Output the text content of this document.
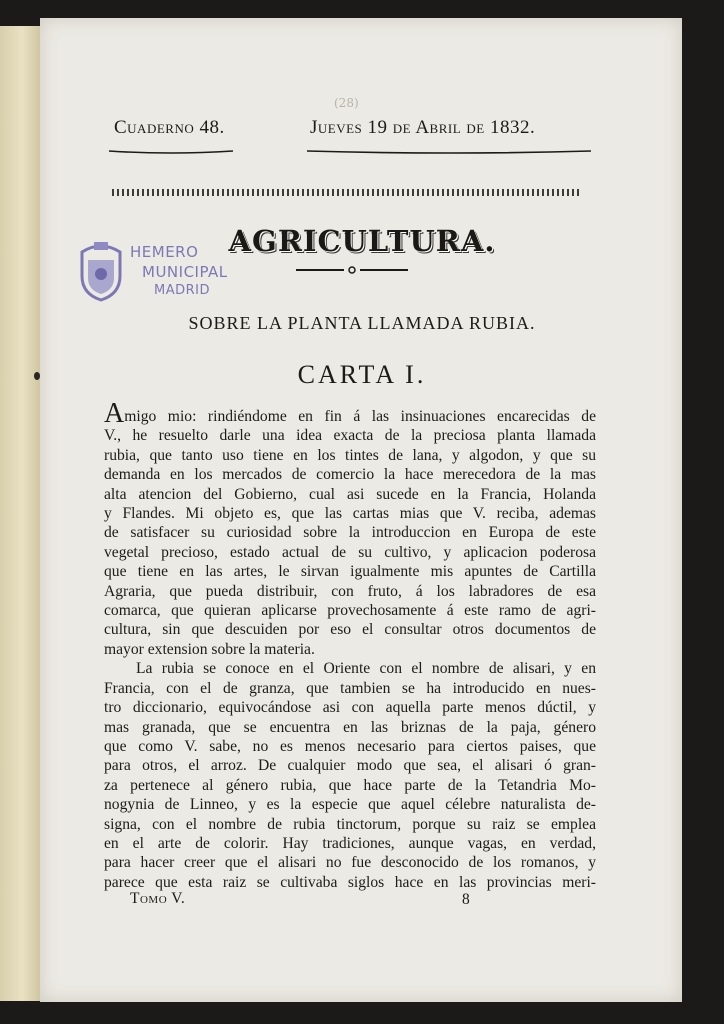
(28)
Cuaderno 48.	Jueves 19 de Abril de 1832.
HEMERO
MUNICIPAL
MADRID
AGRICULTURA.
SOBRE LA PLANTA LLAMADA RUBIA.
CARTA I.
Amigo mio: rindiéndome en fin á las insinuaciones encarecidas de
V., he resuelto darle una idea exacta de la preciosa planta llamada
rubia, que tanto uso tiene en los tintes de lana, y algodon, y que su
demanda en los mercados de comercio la hace merecedora de la mas
alta atencion del Gobierno, cual asi sucede en la Francia, Holanda
y Flandes. Mi objeto es, que las cartas mias que V. reciba, ademas
de satisfacer su curiosidad sobre la introduccion en Europa de este
vegetal precioso, estado actual de su cultivo, y aplicacion poderosa
que tiene en las artes, le sirvan igualmente mis apuntes de Cartilla
Agraria, que pueda distribuir, con fruto, á los labradores de esa
comarca, que quieran aplicarse provechosamente á este ramo de agri-
cultura, sin que descuiden por eso el consultar otros documentos de
mayor extension sobre la materia.
La rubia se conoce en el Oriente con el nombre de alisari, y en
Francia, con el de granza, que tambien se ha introducido en nues-
tro diccionario, equivocándose asi con aquella parte menos dúctil, y
mas granada, que se encuentra en las briznas de la paja, género
que como V. sabe, no es menos necesario para ciertos paises, que
para otros, el arroz. De cualquier modo que sea, el alisari ó gran-
za pertenece al género rubia, que hace parte de la Tetandria Mo-
nogynia de Linneo, y es la especie que aquel célebre naturalista de-
signa, con el nombre de rubia tinctorum, porque su raiz se emplea
en el arte de colorir. Hay tradiciones, aunque vagas, en verdad,
para hacer creer que el alisari no fue desconocido de los romanos, y
parece que esta raiz se cultivaba siglos hace en las provincias meri-
Tomo V.	8
